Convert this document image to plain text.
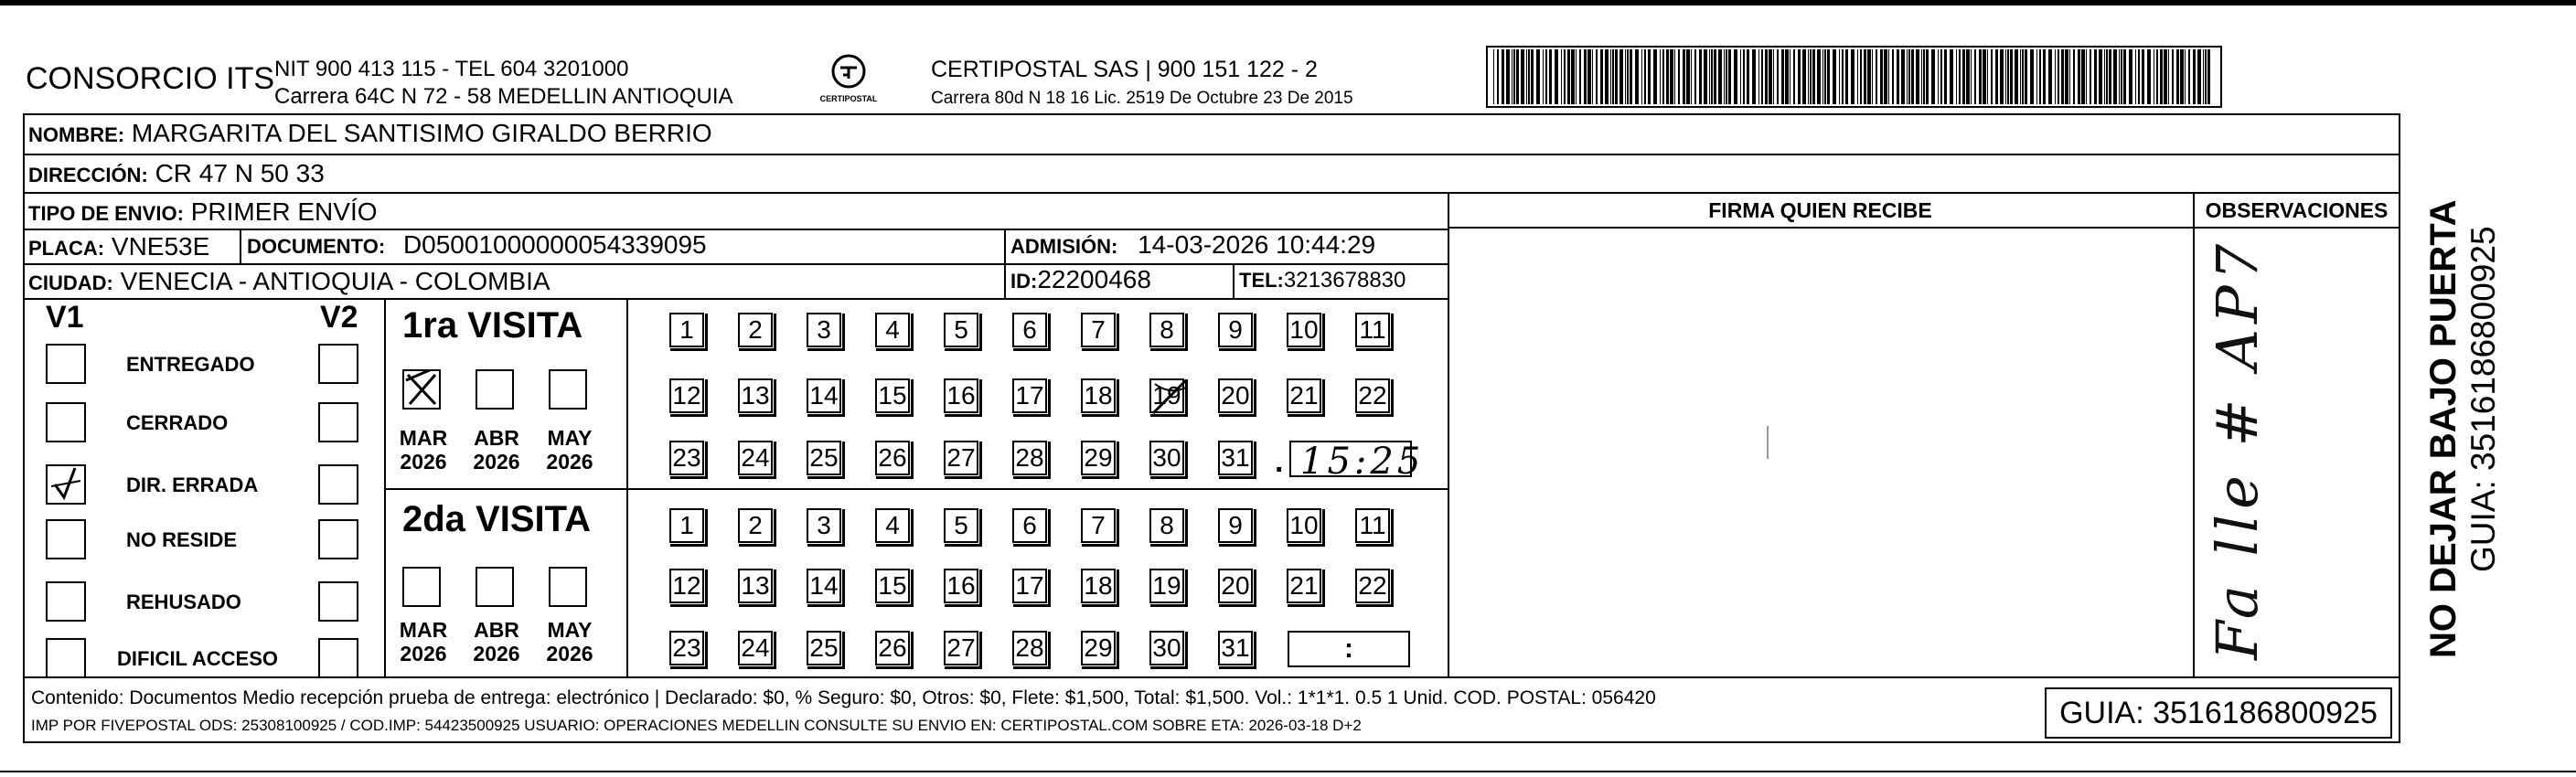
CONSORCIO ITS NIT 900 413 115 - TEL 604 3201000
Carrera 64C N 72 - 58 MEDELLIN ANTIOQUIA	CERTIPOSTAL
CERTIPOSTAL SAS | 900 151 122 - 2
Carrera 80d N 18 16 Lic. 2519 De Octubre 23 De 2015
NOMBRE: MARGARITA DEL SANTISIMO GIRALDO BERRIO
DIRECCIÓN: CR 47 N 50 33
TIPO DE ENVIO: PRIMER ENVÍO	FIRMA QUIEN RECIBE	OBSERVACIONES
PLACA: VNE53E	DOCUMENTO: D05001000000054339095	ADMISIÓN: 14-03-2026 10:44:29
CIUDAD: VENECIA - ANTIOQUIA - COLOMBIA	ID:22200468	TEL:3213678830
V1	V2
ENTREGADO
CERRADO
DIR. ERRADA
NO RESIDE
REHUSADO
DIFICIL ACCESO
1ra VISITA
2da VISITA
MAR
2026
ABR
2026
MAY
2026
MAR
2026
ABR
2026
MAY
2026
1	2	3	4	5	6	7	8	9	10 11
12 13 14 15 16 17 18 19 20 21 22
23 24 25 26 27 28 29 30 31
1	2	3	4	5	6	7	8	9	10 11
12 13 14 15 16 17 18 19 20 21 22
23 24 25 26 27 28 29 30 31
. 15:25
:	Fa lle # AP7
Contenido: Documentos Medio recepción prueba de entrega: electrónico | Declarado: $0, % Seguro: $0, Otros: $0, Flete: $1,500, Total: $1,500. Vol.: 1*1*1. 0.5 1 Unid. COD. POSTAL: 056420
IMP POR FIVEPOSTAL ODS: 25308100925 / COD.IMP: 54423500925 USUARIO: OPERACIONES MEDELLIN CONSULTE SU ENVIO EN: CERTIPOSTAL.COM SOBRE ETA: 2026-03-18 D+2	GUIA: 3516186800925
NO DEJAR BAJO PUERTA GUIA: 3516186800925
